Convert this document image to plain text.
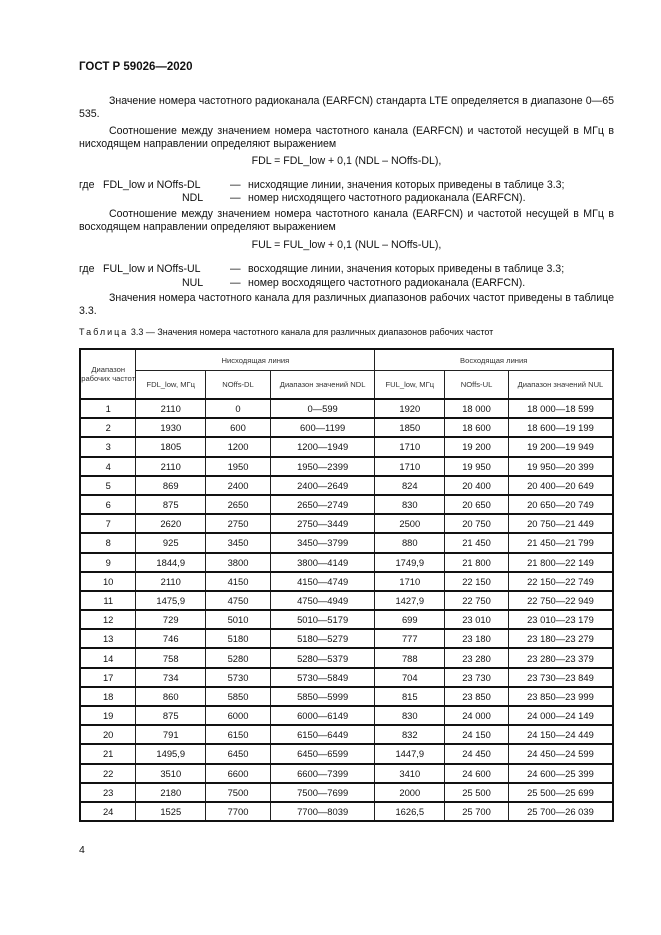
ГОСТ Р 59026—2020
Значение номера частотного радиоканала (EARFCN) стандарта LTE определяется в диапазоне 0—65 535.
Соотношение между значением номера частотного канала (EARFCN) и частотой несущей в МГц в нисходящем направлении определяют выражением
FDL = FDL_low + 0,1 (NDL – NOffs-DL),
где FDL_low и NOffs-DL	— нисходящие линии, значения которых приведены в таблице 3.3;
NDL	— номер нисходящего частотного радиоканала (EARFCN).
Соотношение между значением номера частотного канала (EARFCN) и частотой несущей в МГц в восходящем направлении определяют выражением
FUL = FUL_low + 0,1 (NUL – NOffs-UL),
где FUL_low и NOffs-UL	— восходящие линии, значения которых приведены в таблице 3.3;
NUL	— номер восходящего частотного радиоканала (EARFCN).
Значения номера частотного канала для различных диапазонов рабочих частот приведены в таблице 3.3.
Таблица 3.3 — Значения номера частотного канала для различных диапазонов рабочих частот
Диапазон рабочих частот	Нисходящая линия			Восходящая линия		
	FDL_low, МГц	NOffs-DL	Диапазон значений NDL	FUL_low, МГц	NOffs-UL	Диапазон значений NUL
1	2110	0	0—599	1920	18 000	18 000—18 599
2	1930	600	600—1199	1850	18 600	18 600—19 199
3	1805	1200	1200—1949	1710	19 200	19 200—19 949
4	2110	1950	1950—2399	1710	19 950	19 950—20 399
5	869	2400	2400—2649	824	20 400	20 400—20 649
6	875	2650	2650—2749	830	20 650	20 650—20 749
7	2620	2750	2750—3449	2500	20 750	20 750—21 449
8	925	3450	3450—3799	880	21 450	21 450—21 799
9	1844,9	3800	3800—4149	1749,9	21 800	21 800—22 149
10	2110	4150	4150—4749	1710	22 150	22 150—22 749
11	1475,9	4750	4750—4949	1427,9	22 750	22 750—22 949
12	729	5010	5010—5179	699	23 010	23 010—23 179
13	746	5180	5180—5279	777	23 180	23 180—23 279
14	758	5280	5280—5379	788	23 280	23 280—23 379
17	734	5730	5730—5849	704	23 730	23 730—23 849
18	860	5850	5850—5999	815	23 850	23 850—23 999
19	875	6000	6000—6149	830	24 000	24 000—24 149
20	791	6150	6150—6449	832	24 150	24 150—24 449
21	1495,9	6450	6450—6599	1447,9	24 450	24 450—24 599
22	3510	6600	6600—7399	3410	24 600	24 600—25 399
23	2180	7500	7500—7699	2000	25 500	25 500—25 699
24	1525	7700	7700—8039	1626,5	25 700	25 700—26 039
4
